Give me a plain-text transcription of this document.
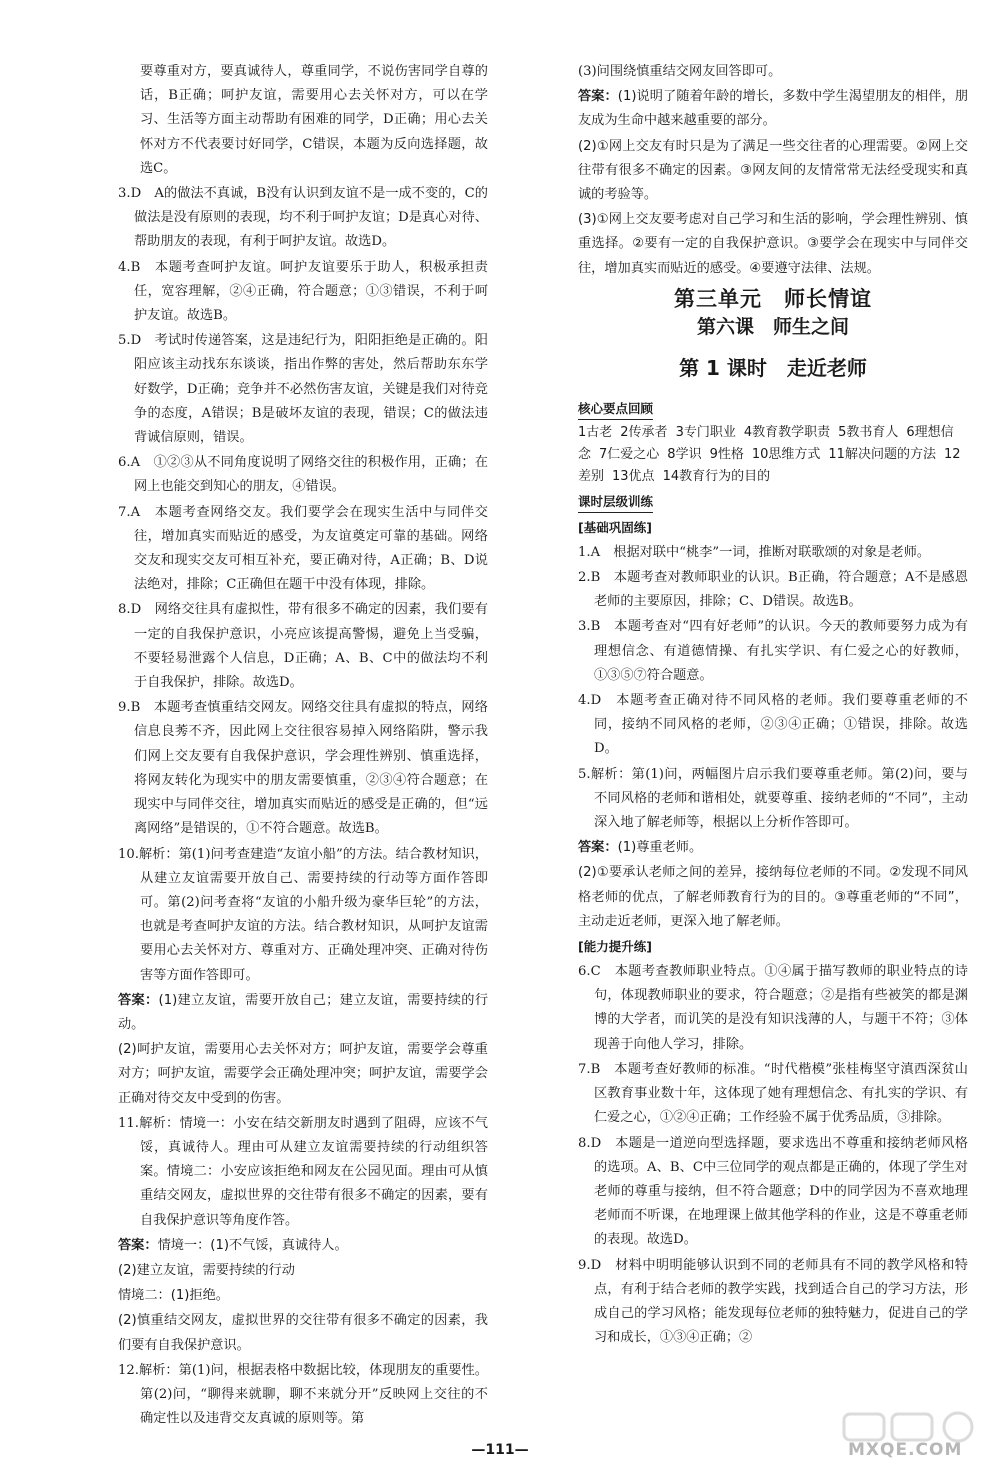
要尊重对方，要真诚待人，尊重同学，不说伤害同学自尊的话，B正确；呵护友谊，需要用心去关怀对方，可以在学习、生活等方面主动帮助有困难的同学，D正确；用心去关怀对方不代表要讨好同学，C错误，本题为反向选择题，故选C。
3.D　A的做法不真诚，B没有认识到友谊不是一成不变的，C的做法是没有原则的表现，均不利于呵护友谊；D是真心对待、帮助朋友的表现，有利于呵护友谊。故选D。
4.B　本题考查呵护友谊。呵护友谊要乐于助人，积极承担责任，宽容理解，②④正确，符合题意；①③错误，不利于呵护友谊。故选B。
5.D　考试时传递答案，这是违纪行为，阳阳拒绝是正确的。阳阳应该主动找东东谈谈，指出作弊的害处，然后帮助东东学好数学，D正确；竞争并不必然伤害友谊，关键是我们对待竞争的态度，A错误；B是破坏友谊的表现，错误；C的做法违背诚信原则，错误。
6.A　①②③从不同角度说明了网络交往的积极作用，正确；在网上也能交到知心的朋友，④错误。
7.A　本题考查网络交友。我们要学会在现实生活中与同伴交往，增加真实而贴近的感受，为友谊奠定可靠的基础。网络交友和现实交友可相互补充，要正确对待，A正确；B、D说法绝对，排除；C正确但在题干中没有体现，排除。
8.D　网络交往具有虚拟性，带有很多不确定的因素，我们要有一定的自我保护意识，小亮应该提高警惕，避免上当受骗，不要轻易泄露个人信息，D正确；A、B、C中的做法均不利于自我保护，排除。故选D。
9.B　本题考查慎重结交网友。网络交往具有虚拟的特点，网络信息良莠不齐，因此网上交往很容易掉入网络陷阱，警示我们网上交友要有自我保护意识，学会理性辨别、慎重选择，将网友转化为现实中的朋友需要慎重，②③④符合题意；在现实中与同伴交往，增加真实而贴近的感受是正确的，但“远离网络”是错误的，①不符合题意。故选B。
10.解析：第(1)问考查建造“友谊小船”的方法。结合教材知识，从建立友谊需要开放自己、需要持续的行动等方面作答即可。第(2)问考查将“友谊的小船升级为豪华巨轮”的方法，也就是考查呵护友谊的方法。结合教材知识，从呵护友谊需要用心去关怀对方、尊重对方、正确处理冲突、正确对待伤害等方面作答即可。
答案：(1)建立友谊，需要开放自己；建立友谊，需要持续的行动。
(2)呵护友谊，需要用心去关怀对方；呵护友谊，需要学会尊重对方；呵护友谊，需要学会正确处理冲突；呵护友谊，需要学会正确对待交友中受到的伤害。
11.解析：情境一：小安在结交新朋友时遇到了阻碍，应该不气馁，真诚待人。理由可从建立友谊需要持续的行动组织答案。情境二：小安应该拒绝和网友在公园见面。理由可从慎重结交网友，虚拟世界的交往带有很多不确定的因素，要有自我保护意识等角度作答。
答案：情境一：(1)不气馁，真诚待人。
(2)建立友谊，需要持续的行动
情境二：(1)拒绝。
(2)慎重结交网友，虚拟世界的交往带有很多不确定的因素，我们要有自我保护意识。
12.解析：第(1)问，根据表格中数据比较，体现朋友的重要性。第(2)问，“聊得来就聊，聊不来就分开”反映网上交往的不确定性以及违背交友真诚的原则等。第
(3)问围绕慎重结交网友回答即可。
答案：(1)说明了随着年龄的增长，多数中学生渴望朋友的相伴，朋友成为生命中越来越重要的部分。
(2)①网上交友有时只是为了满足一些交往者的心理需要。②网上交往带有很多不确定的因素。③网友间的友情常常无法经受现实和真诚的考验等。
(3)①网上交友要考虑对自己学习和生活的影响，学会理性辨别、慎重选择。②要有一定的自我保护意识。③要学会在现实中与同伴交往，增加真实而贴近的感受。④要遵守法律、法规。
第三单元　师长情谊
第六课　师生之间
第 1 课时　走近老师
核心要点回顾
1古老 2传承者 3专门职业 4教育教学职责 5教书育人 6理想信念 7仁爱之心 8学识 9性格 10思维方式 11解决问题的方法 12差别 13优点 14教育行为的目的
课时层级训练
[基础巩固练]
1.A　根据对联中“桃李”一词，推断对联歌颂的对象是老师。
2.B　本题考查对教师职业的认识。B正确，符合题意；A不是感恩老师的主要原因，排除；C、D错误。故选B。
3.B　本题考查对“四有好老师”的认识。今天的教师要努力成为有理想信念、有道德情操、有扎实学识、有仁爱之心的好教师，①③⑤⑦符合题意。
4.D　本题考查正确对待不同风格的老师。我们要尊重老师的不同，接纳不同风格的老师，②③④正确；①错误，排除。故选D。
5.解析：第(1)问，两幅图片启示我们要尊重老师。第(2)问，要与不同风格的老师和谐相处，就要尊重、接纳老师的“不同”，主动深入地了解老师等，根据以上分析作答即可。
答案：(1)尊重老师。
(2)①要承认老师之间的差异，接纳每位老师的不同。②发现不同风格老师的优点，了解老师教育行为的目的。③尊重老师的“不同”，主动走近老师，更深入地了解老师。
[能力提升练]
6.C　本题考查教师职业特点。①④属于描写教师的职业特点的诗句，体现教师职业的要求，符合题意；②是指有些被笑的都是渊博的大学者，而讥笑的是没有知识浅薄的人，与题干不符；③体现善于向他人学习，排除。
7.B　本题考查好教师的标准。“时代楷模”张桂梅坚守滇西深贫山区教育事业数十年，这体现了她有理想信念、有扎实的学识、有仁爱之心，①②④正确；工作经验不属于优秀品质，③排除。
8.D　本题是一道逆向型选择题，要求选出不尊重和接纳老师风格的选项。A、B、C中三位同学的观点都是正确的，体现了学生对老师的尊重与接纳，但不符合题意；D中的同学因为不喜欢地理老师而不听课，在地理课上做其他学科的作业，这是不尊重老师的表现。故选D。
9.D　材料中明明能够认识到不同的老师具有不同的教学风格和特点，有利于结合老师的教学实践，找到适合自己的学习方法，形成自己的学习风格；能发现每位老师的独特魅力，促进自己的学习和成长，①③④正确；②
—111—	MXQE.COM
